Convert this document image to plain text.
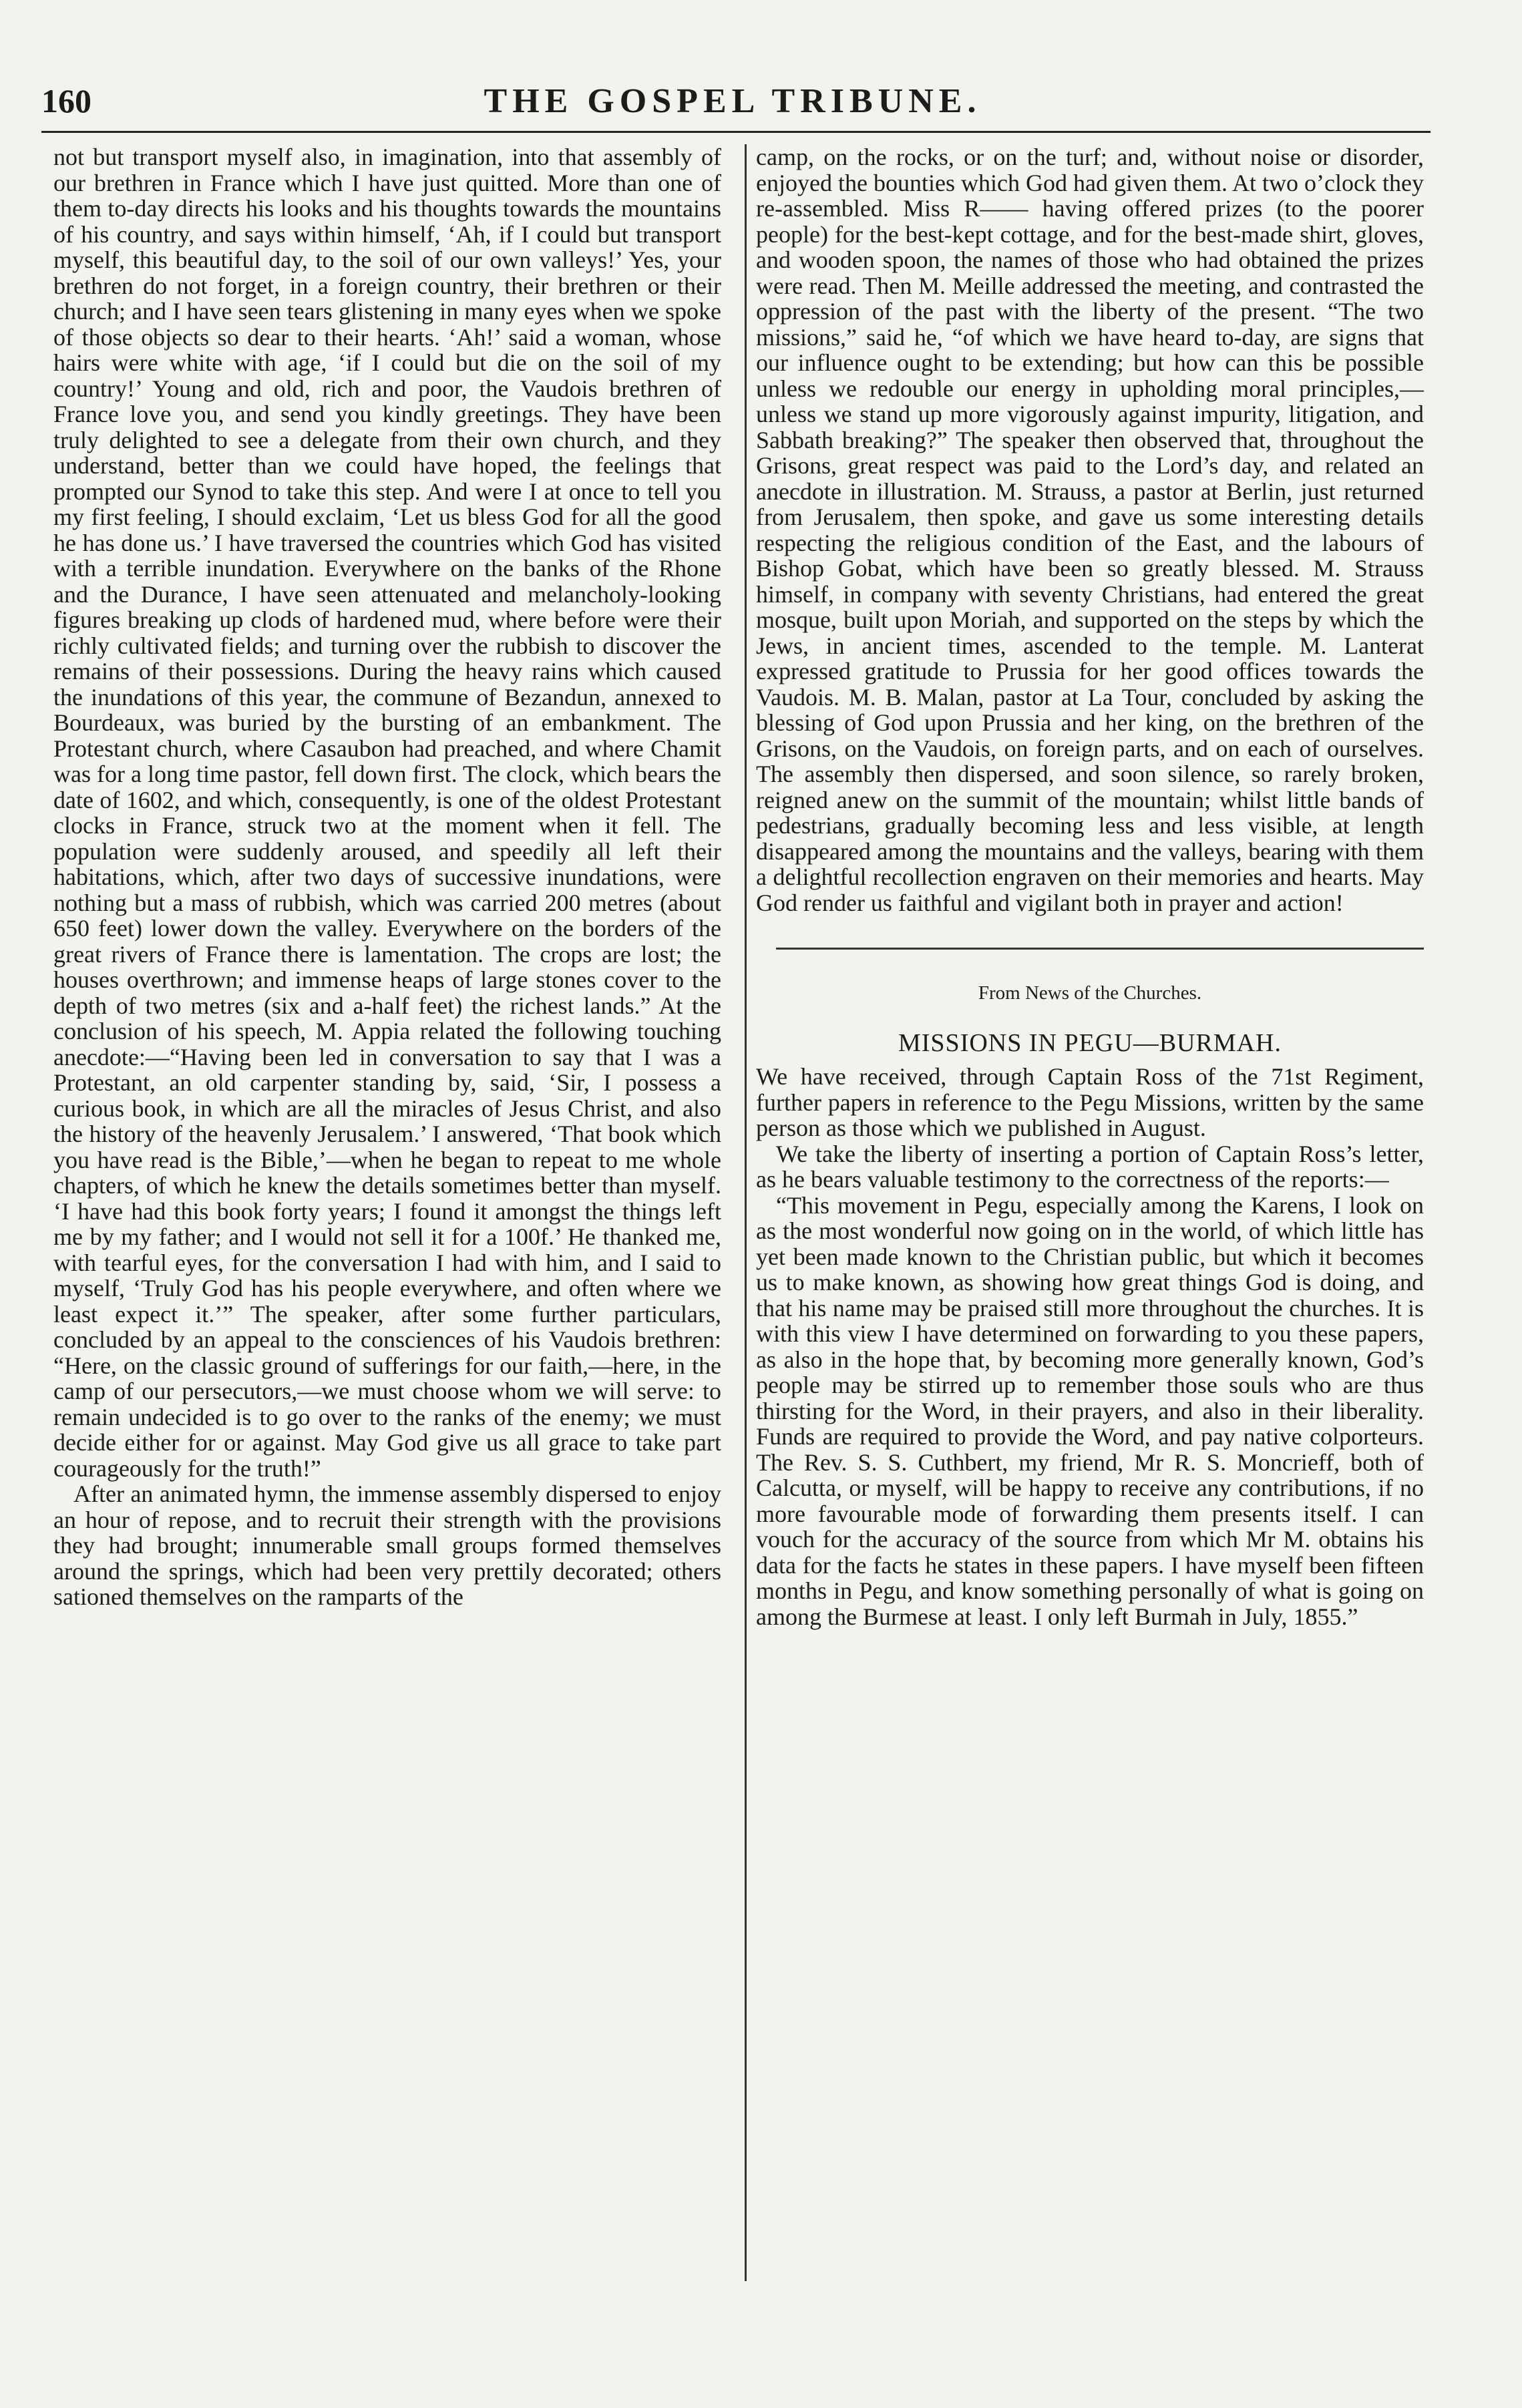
160	THE GOSPEL TRIBUNE.

not but transport myself also, in imagination, into that assembly of our brethren in France which I have just quitted. More than one of them to-day directs his looks and his thoughts towards the mountains of his country, and says within himself, ‘Ah, if I could but transport myself, this beautiful day, to the soil of our own valleys!’ Yes, your brethren do not forget, in a foreign country, their brethren or their church; and I have seen tears glistening in many eyes when we spoke of those objects so dear to their hearts. ‘Ah!’ said a woman, whose hairs were white with age, ‘if I could but die on the soil of my country!’ Young and old, rich and poor, the Vaudois brethren of France love you, and send you kindly greetings. They have been truly delighted to see a delegate from their own church, and they understand, better than we could have hoped, the feelings that prompted our Synod to take this step. And were I at once to tell you my first feeling, I should exclaim, ‘Let us bless God for all the good he has done us.’ I have traversed the countries which God has visited with a terrible inundation. Everywhere on the banks of the Rhone and the Durance, I have seen attenuated and melancholy-looking figures breaking up clods of hardened mud, where before were their richly cultivated fields; and turning over the rubbish to discover the remains of their possessions. During the heavy rains which caused the inundations of this year, the commune of Bezandun, annexed to Bourdeaux, was buried by the bursting of an embankment. The Protestant church, where Casaubon had preached, and where Chamit was for a long time pastor, fell down first. The clock, which bears the date of 1602, and which, consequently, is one of the oldest Protestant clocks in France, struck two at the moment when it fell. The population were suddenly aroused, and speedily all left their habitations, which, after two days of successive inundations, were nothing but a mass of rubbish, which was carried 200 metres (about 650 feet) lower down the valley. Everywhere on the borders of the great rivers of France there is lamentation. The crops are lost; the houses overthrown; and immense heaps of large stones cover to the depth of two metres (six and a-half feet) the richest lands.” At the conclusion of his speech, M. Appia related the following touching anecdote:—“Having been led in conversation to say that I was a Protestant, an old carpenter standing by, said, ‘Sir, I possess a curious book, in which are all the miracles of Jesus Christ, and also the history of the heavenly Jerusalem.’ I answered, ‘That book which you have read is the Bible,’—when he began to repeat to me whole chapters, of which he knew the details sometimes better than myself. ‘I have had this book forty years; I found it amongst the things left me by my father; and I would not sell it for a 100f.’ He thanked me, with tearful eyes, for the conversation I had with him, and I said to myself, ‘Truly God has his people everywhere, and often where we least expect it.’” The speaker, after some further particulars, concluded by an appeal to the consciences of his Vaudois brethren: “Here, on the classic ground of sufferings for our faith,—here, in the camp of our persecutors,—we must choose whom we will serve: to remain undecided is to go over to the ranks of the enemy; we must decide either for or against. May God give us all grace to take part courageously for the truth!”

After an animated hymn, the immense assembly dispersed to enjoy an hour of repose, and to recruit their strength with the provisions they had brought; innumerable small groups formed themselves around the springs, which had been very prettily decorated; others sationed themselves on the ramparts of the

camp, on the rocks, or on the turf; and, without noise or disorder, enjoyed the bounties which God had given them. At two o’clock they re-assembled. Miss R—— having offered prizes (to the poorer people) for the best-kept cottage, and for the best-made shirt, gloves, and wooden spoon, the names of those who had obtained the prizes were read. Then M. Meille addressed the meeting, and contrasted the oppression of the past with the liberty of the present. “The two missions,” said he, “of which we have heard to-day, are signs that our influence ought to be extending; but how can this be possible unless we redouble our energy in upholding moral principles,—unless we stand up more vigorously against impurity, litigation, and Sabbath breaking?” The speaker then observed that, throughout the Grisons, great respect was paid to the Lord’s day, and related an anecdote in illustration. M. Strauss, a pastor at Berlin, just returned from Jerusalem, then spoke, and gave us some interesting details respecting the religious condition of the East, and the labours of Bishop Gobat, which have been so greatly blessed. M. Strauss himself, in company with seventy Christians, had entered the great mosque, built upon Moriah, and supported on the steps by which the Jews, in ancient times, ascended to the temple. M. Lanterat expressed gratitude to Prussia for her good offices towards the Vaudois. M. B. Malan, pastor at La Tour, concluded by asking the blessing of God upon Prussia and her king, on the brethren of the Grisons, on the Vaudois, on foreign parts, and on each of ourselves. The assembly then dispersed, and soon silence, so rarely broken, reigned anew on the summit of the mountain; whilst little bands of pedestrians, gradually becoming less and less visible, at length disappeared among the mountains and the valleys, bearing with them a delightful recollection engraven on their memories and hearts. May God render us faithful and vigilant both in prayer and action!

From News of the Churches.
MISSIONS IN PEGU—BURMAH.

We have received, through Captain Ross of the 71st Regiment, further papers in reference to the Pegu Missions, written by the same person as those which we published in August.

We take the liberty of inserting a portion of Captain Ross’s letter, as he bears valuable testimony to the correctness of the reports:—

“This movement in Pegu, especially among the Karens, I look on as the most wonderful now going on in the world, of which little has yet been made known to the Christian public, but which it becomes us to make known, as showing how great things God is doing, and that his name may be praised still more throughout the churches. It is with this view I have determined on forwarding to you these papers, as also in the hope that, by becoming more generally known, God’s people may be stirred up to remember those souls who are thus thirsting for the Word, in their prayers, and also in their liberality. Funds are required to provide the Word, and pay native colporteurs. The Rev. S. S. Cuthbert, my friend, Mr R. S. Moncrieff, both of Calcutta, or myself, will be happy to receive any contributions, if no more favourable mode of forwarding them presents itself. I can vouch for the accuracy of the source from which Mr M. obtains his data for the facts he states in these papers. I have myself been fifteen months in Pegu, and know something personally of what is going on among the Burmese at least. I only left Burmah in July, 1855.”
